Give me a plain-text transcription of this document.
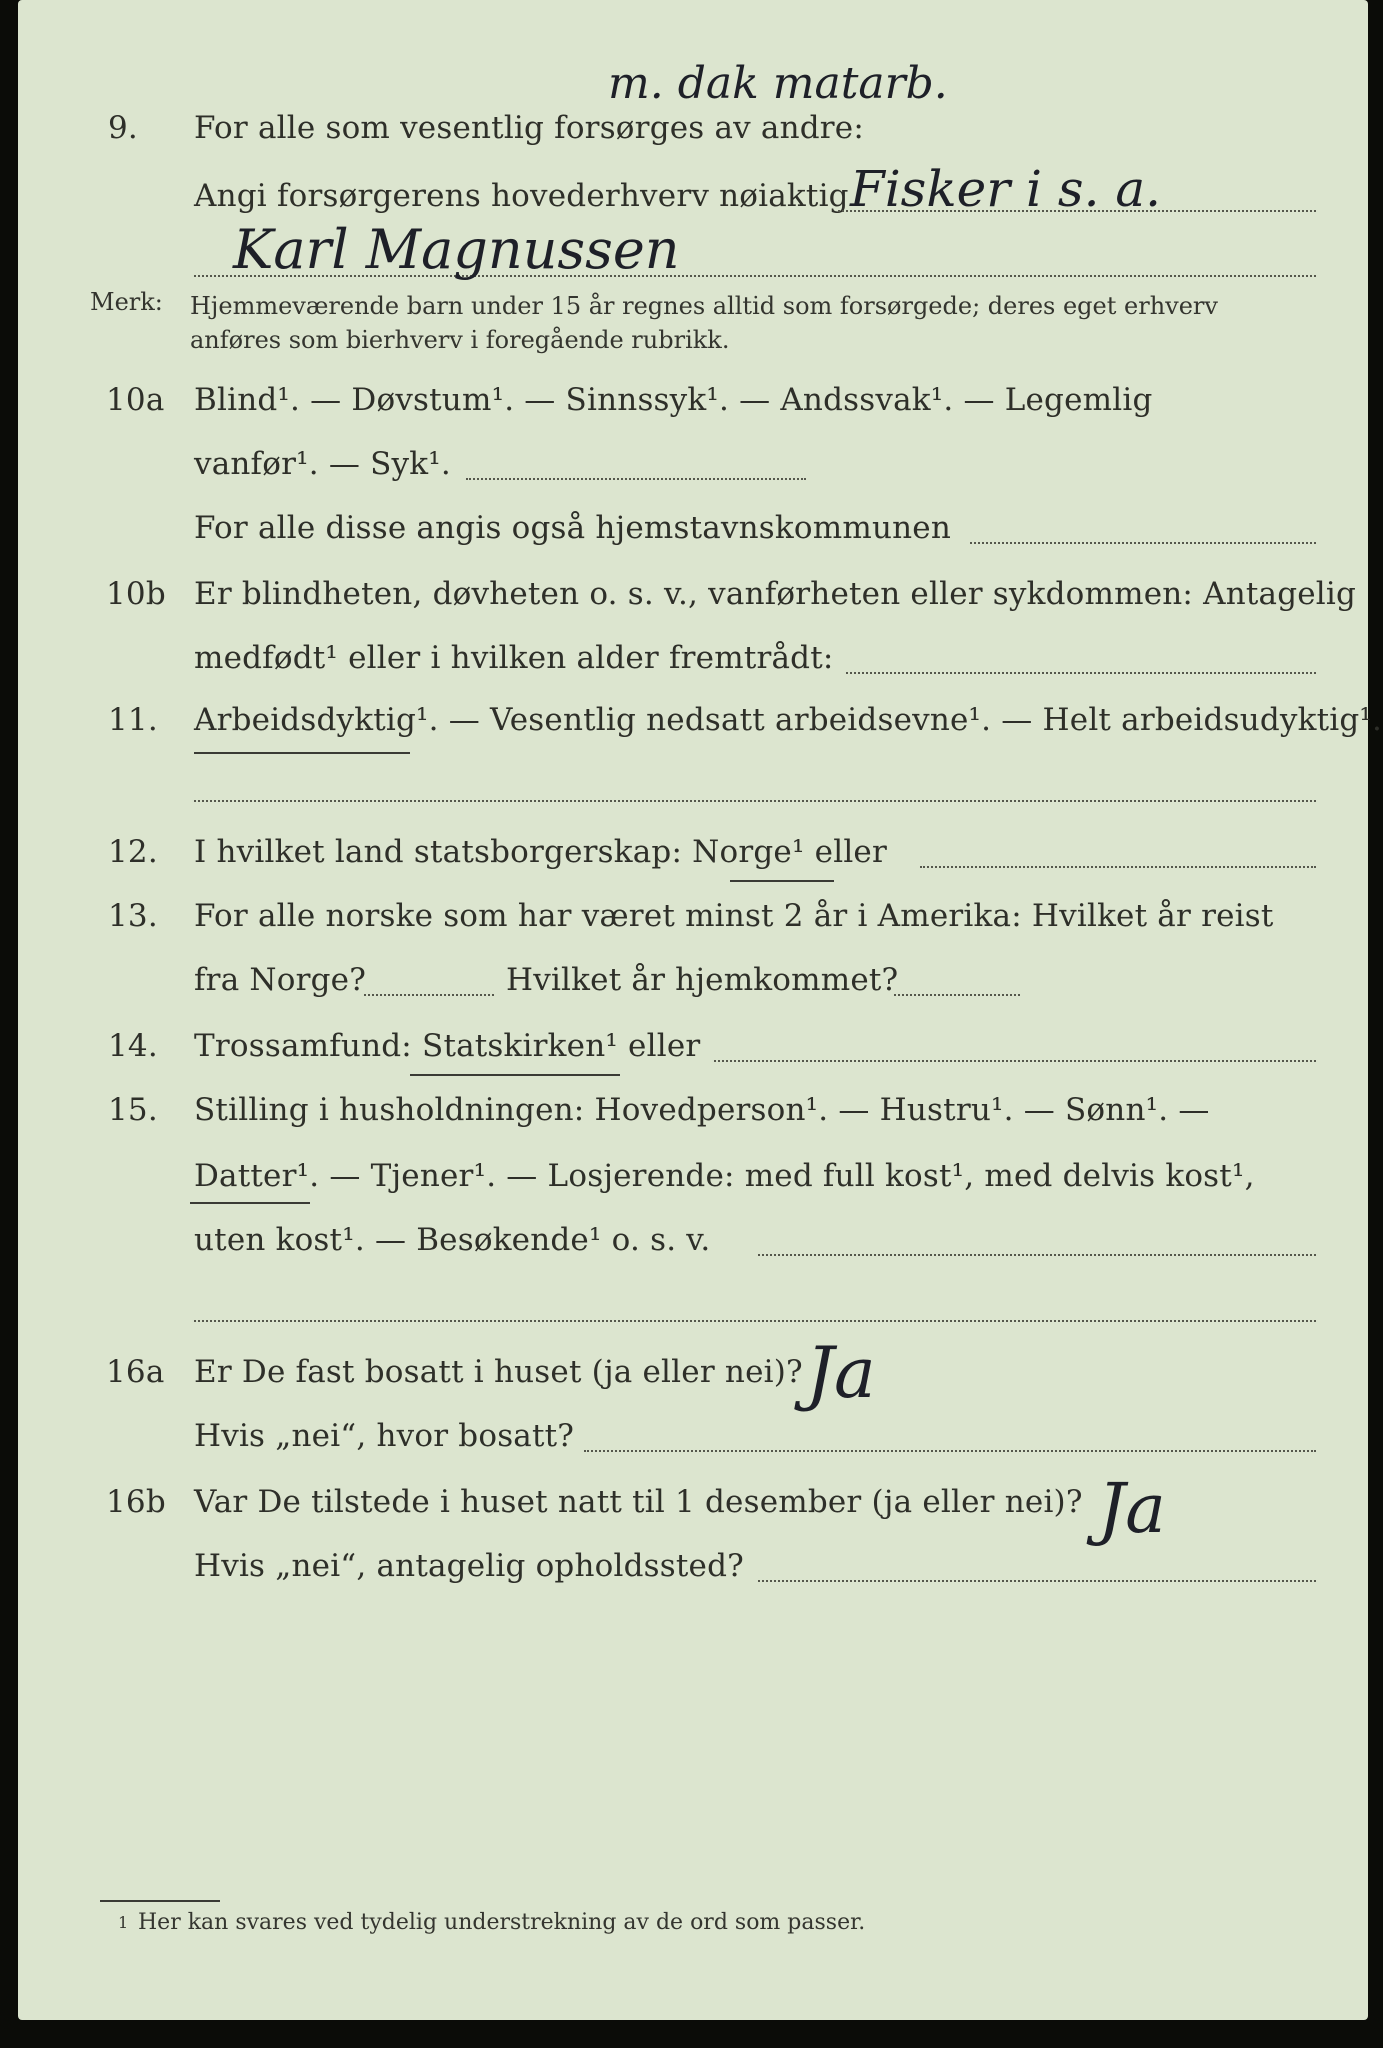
m. dak matarb.
9. For alle som vesentlig forsørges av andre:
Angi forsørgerens hovederhverv nøiaktig Fisker i s. a.
Karl Magnussen
Merk: Hjemmeværende barn under 15 år regnes alltid som forsørgede; deres eget erhverv
anføres som bierhverv i foregående rubrikk.
10a Blind¹. — Døvstum¹. — Sinnssyk¹. — Andssvak¹. — Legemlig
vanfør¹. — Syk¹.
For alle disse angis også hjemstavnskommunen
10b Er blindheten, døvheten o. s. v., vanførheten eller sykdommen: Antagelig
medfødt¹ eller i hvilken alder fremtrådt:
11. Arbeidsdyktig¹. — Vesentlig nedsatt arbeidsevne¹. — Helt arbeidsudyktig¹.
12. I hvilket land statsborgerskap: Norge¹ eller
13. For alle norske som har været minst 2 år i Amerika: Hvilket år reist
fra Norge?	Hvilket år hjemkommet?
14. Trossamfund: Statskirken¹ eller
15. Stilling i husholdningen: Hovedperson¹. — Hustru¹. — Sønn¹. —
Datter¹. — Tjener¹. — Losjerende: med full kost¹, med delvis kost¹,
uten kost¹. — Besøkende¹ o. s. v.
16a Er De fast bosatt i huset (ja eller nei)? Ja
Hvis „nei“, hvor bosatt?
16b Var De tilstede i huset natt til 1 desember (ja eller nei)? Ja
Hvis „nei“, antagelig opholdssted?
1 Her kan svares ved tydelig understrekning av de ord som passer.
